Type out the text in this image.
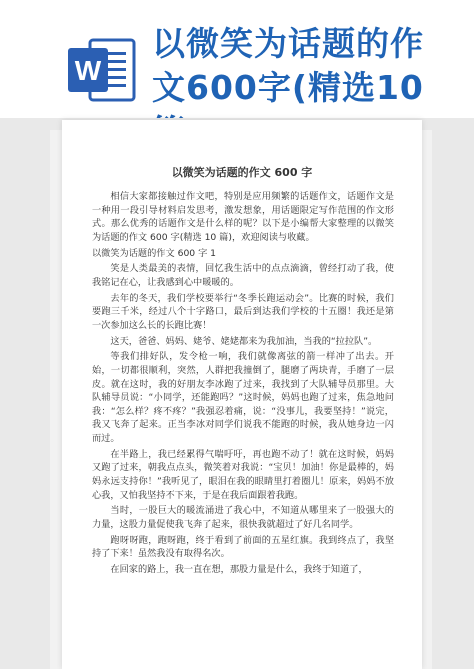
W
以微笑为话题的作
文600字(精选10
以微笑为话题的作文 600 字

相信大家都接触过作文吧，特别是应用频繁的话题作文，话题作文是一种用一段引导材料启发思考，激发想象，用话题限定写作范围的作文形式。那么优秀的话题作文是什么样的呢？以下是小编帮大家整理的以微笑为话题的作文 600 字(精选 10 篇)，欢迎阅读与收藏。

以微笑为话题的作文 600 字 1

笑是人类最美的表情，回忆我生活中的点点滴滴，曾经打动了我，使我铭记在心，让我感到心中暖暖的。

去年的冬天，我们学校要举行“冬季长跑运动会”。比赛的时候，我们要跑三千米，经过八个十字路口，最后到达我们学校的十五圈！我还是第一次参加这么长的长跑比赛！

这天，爸爸、妈妈、姥爷、姥姥都来为我加油，当我的“拉拉队”。

等我们排好队，发令枪一响，我们就像离弦的箭一样冲了出去。开始，一切都很顺利，突然，人群把我撞倒了，腿磨了两块青，手磨了一层皮。就在这时，我的好朋友李冰跑了过来，我找到了大队辅导员那里。大队辅导员说：“小同学，还能跑吗？”这时候，妈妈也跑了过来，焦急地问我：“怎么样？疼不疼？”我强忍着痛，说：“没事儿，我要坚持！”说完，我又飞奔了起来。正当李冰对同学们说我不能跑的时候，我从她身边一闪而过。

在半路上，我已经累得气喘吁吁，再也跑不动了！就在这时候，妈妈又跑了过来，朝我点点头，微笑着对我说：“宝贝！加油！你是最棒的，妈妈永远支持你！”我听见了，眼泪在我的眼睛里打着圈儿！原来，妈妈不放心我，又怕我坚持不下来，于是在我后面跟着我跑。

当时，一股巨大的暖流涌进了我心中，不知道从哪里来了一股强大的力量，这股力量促使我飞奔了起来，很快我就超过了好几名同学。

跑呀呀跑，跑呀跑，终于看到了前面的五星红旗。我到终点了，我坚持了下来！虽然我没有取得名次。

在回家的路上，我一直在想，那股力量是什么，我终于知道了，
